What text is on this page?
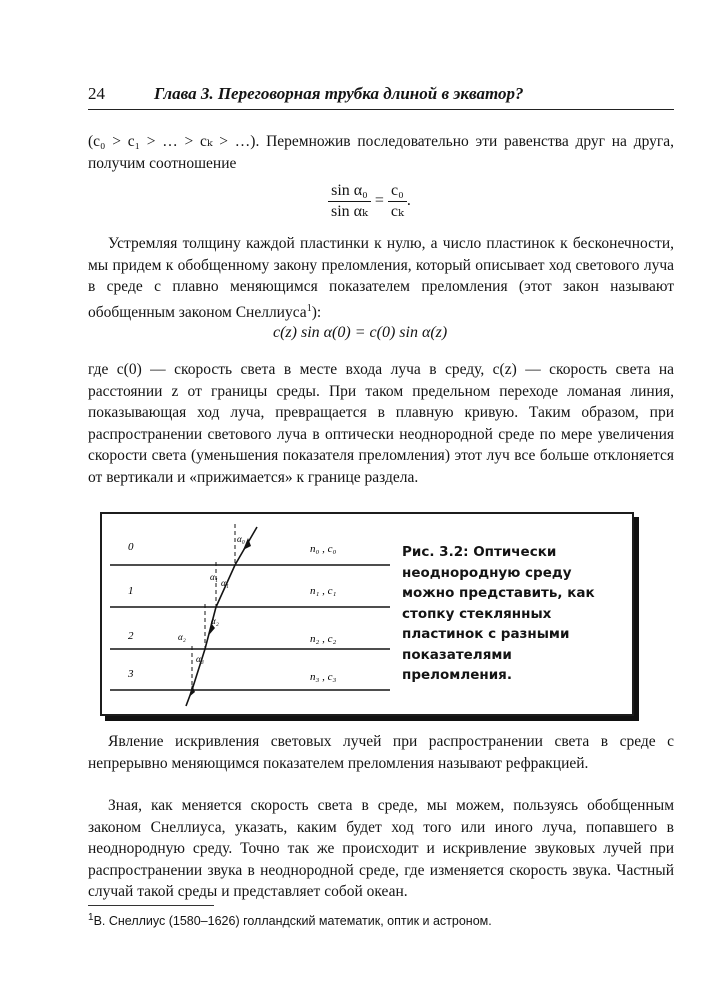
24	Глава 3. Переговорная трубка длиной в экватор?

(c₀ > c₁ > … > cₖ > …). Перемножив последовательно эти равенства друг на друга, получим соотношение

$\frac{\text{sin α₀}}{\text{sin αₖ}} = \frac{\text{c₀}}{\text{cₖ}}$ .

Устремляя толщину каждой пластинки к нулю, а число пластинок к бесконечности, мы придем к обобщенному закону преломления, который описывает ход светового луча в среде с плавно меняющимся показателем преломления (этот закон называют обобщенным законом Снеллиуса$^1$):

c(z) sin α(0) = c(0) sin α(z)

где c(0) — скорость света в месте входа луча в среду, c(z) — скорость света на расстоянии z от границы среды. При таком предельном переходе ломаная линия, показывающая ход луча, превращается в плавную кривую. Таким образом, при распространении светового луча в оптически неоднородной среде по мере увеличения скорости света (уменьшения показателя преломления) этот луч все больше отклоняется от вертикали и «прижимается» к границе раздела.

0
1
2
3
n₀ , c₀
n₁ , c₁
n₂ , c₂
n₃ , c₃
α₀
α₁
α₁
α₂
α₂
α₃

Рис. 3.2: Оптически неоднородную среду можно представить, как стопку стеклянных пластинок с разными показателями преломления.

Явление искривления световых лучей при распространении света в среде с непрерывно меняющимся показателем преломления называют рефракцией.

Зная, как меняется скорость света в среде, мы можем, пользуясь обобщенным законом Снеллиуса, указать, каким будет ход того или иного луча, попавшего в неоднородную среду. Точно так же происходит и искривление звуковых лучей при распространении звука в неоднородной среде, где изменяется скорость звука. Частный случай такой среды и представляет собой океан.

$^1$В. Снеллиус (1580–1626) голландский математик, оптик и астроном.
